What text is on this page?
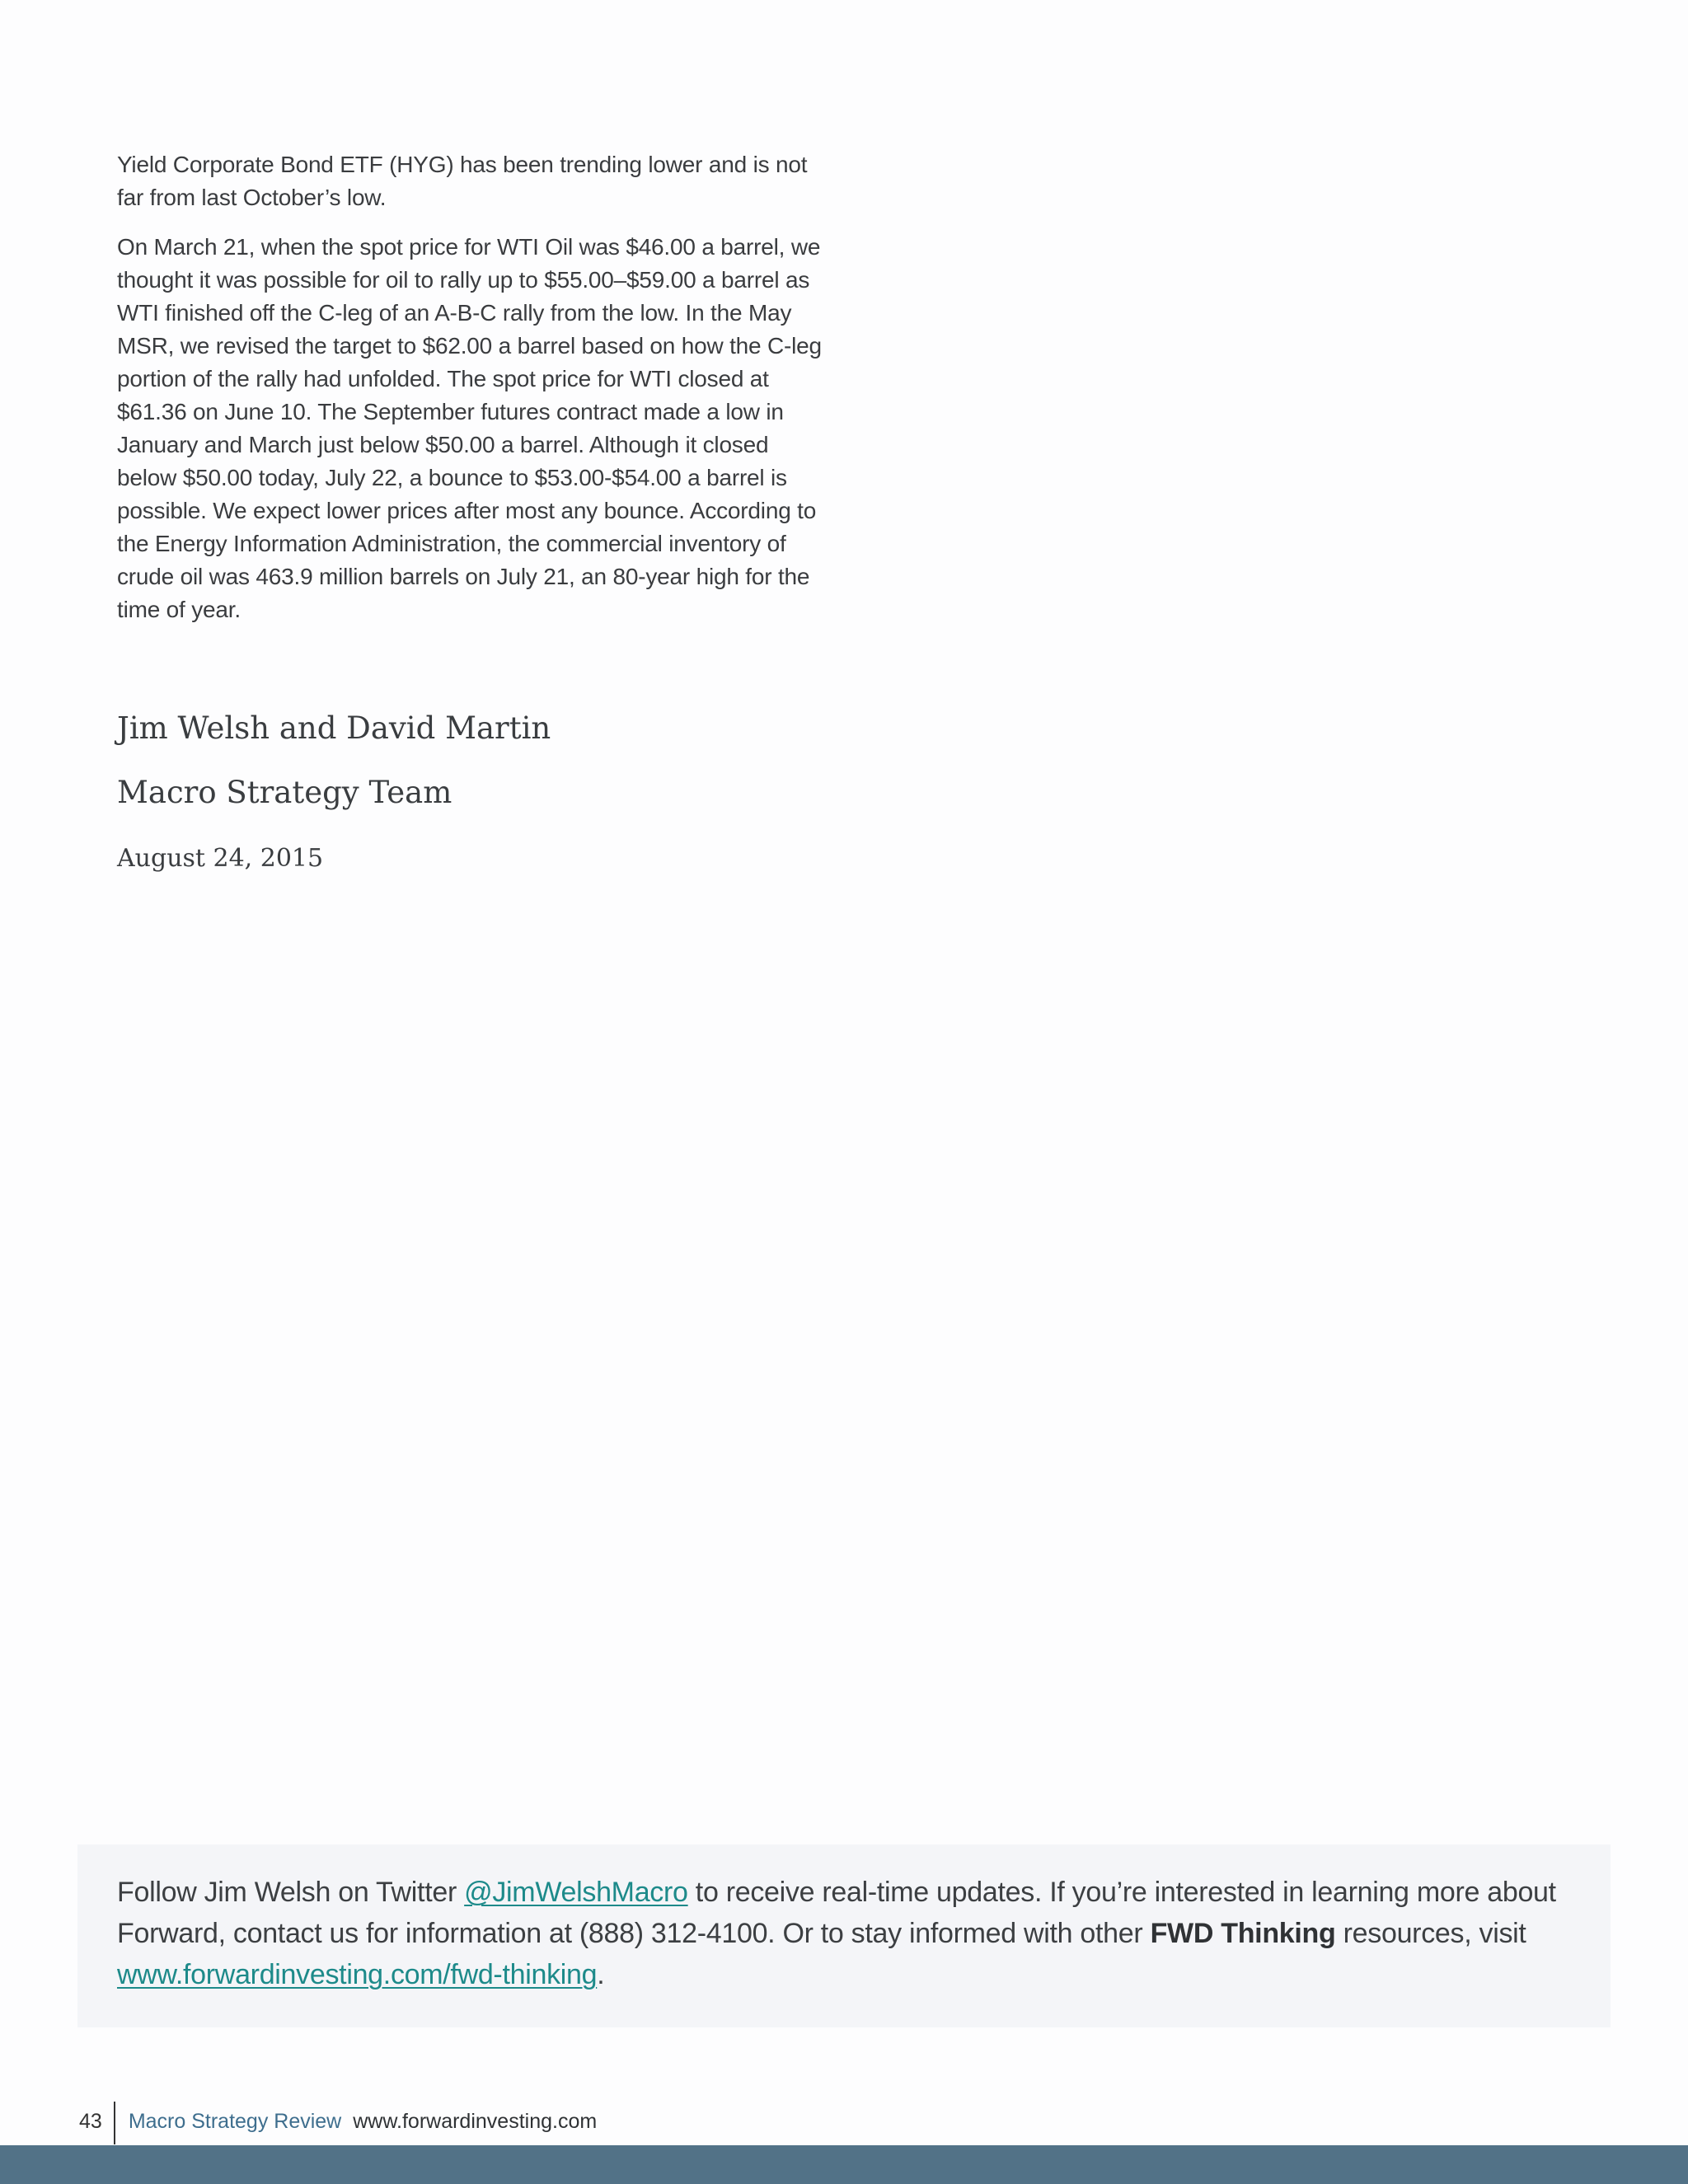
Yield Corporate Bond ETF (HYG) has been trending lower and is not far from last October’s low.

On March 21, when the spot price for WTI Oil was $46.00 a barrel, we thought it was possible for oil to rally up to $55.00–$59.00 a barrel as WTI finished off the C-leg of an A-B-C rally from the low. In the May MSR, we revised the target to $62.00 a barrel based on how the C-leg portion of the rally had unfolded. The spot price for WTI closed at $61.36 on June 10. The September futures contract made a low in January and March just below $50.00 a barrel. Although it closed below $50.00 today, July 22, a bounce to $53.00-$54.00 a barrel is possible. We expect lower prices after most any bounce. According to the Energy Information Administration, the commercial inventory of crude oil was 463.9 million barrels on July 21, an 80-year high for the time of year.

Jim Welsh and David Martin

Macro Strategy Team

August 24, 2015

Follow Jim Welsh on Twitter @JimWelshMacro to receive real-time updates. If you’re interested in learning more about Forward, contact us for information at (888) 312-4100. Or to stay informed with other FWD Thinking resources, visit www.forwardinvesting.com/fwd-thinking.

43	Macro Strategy Review www.forwardinvesting.com
